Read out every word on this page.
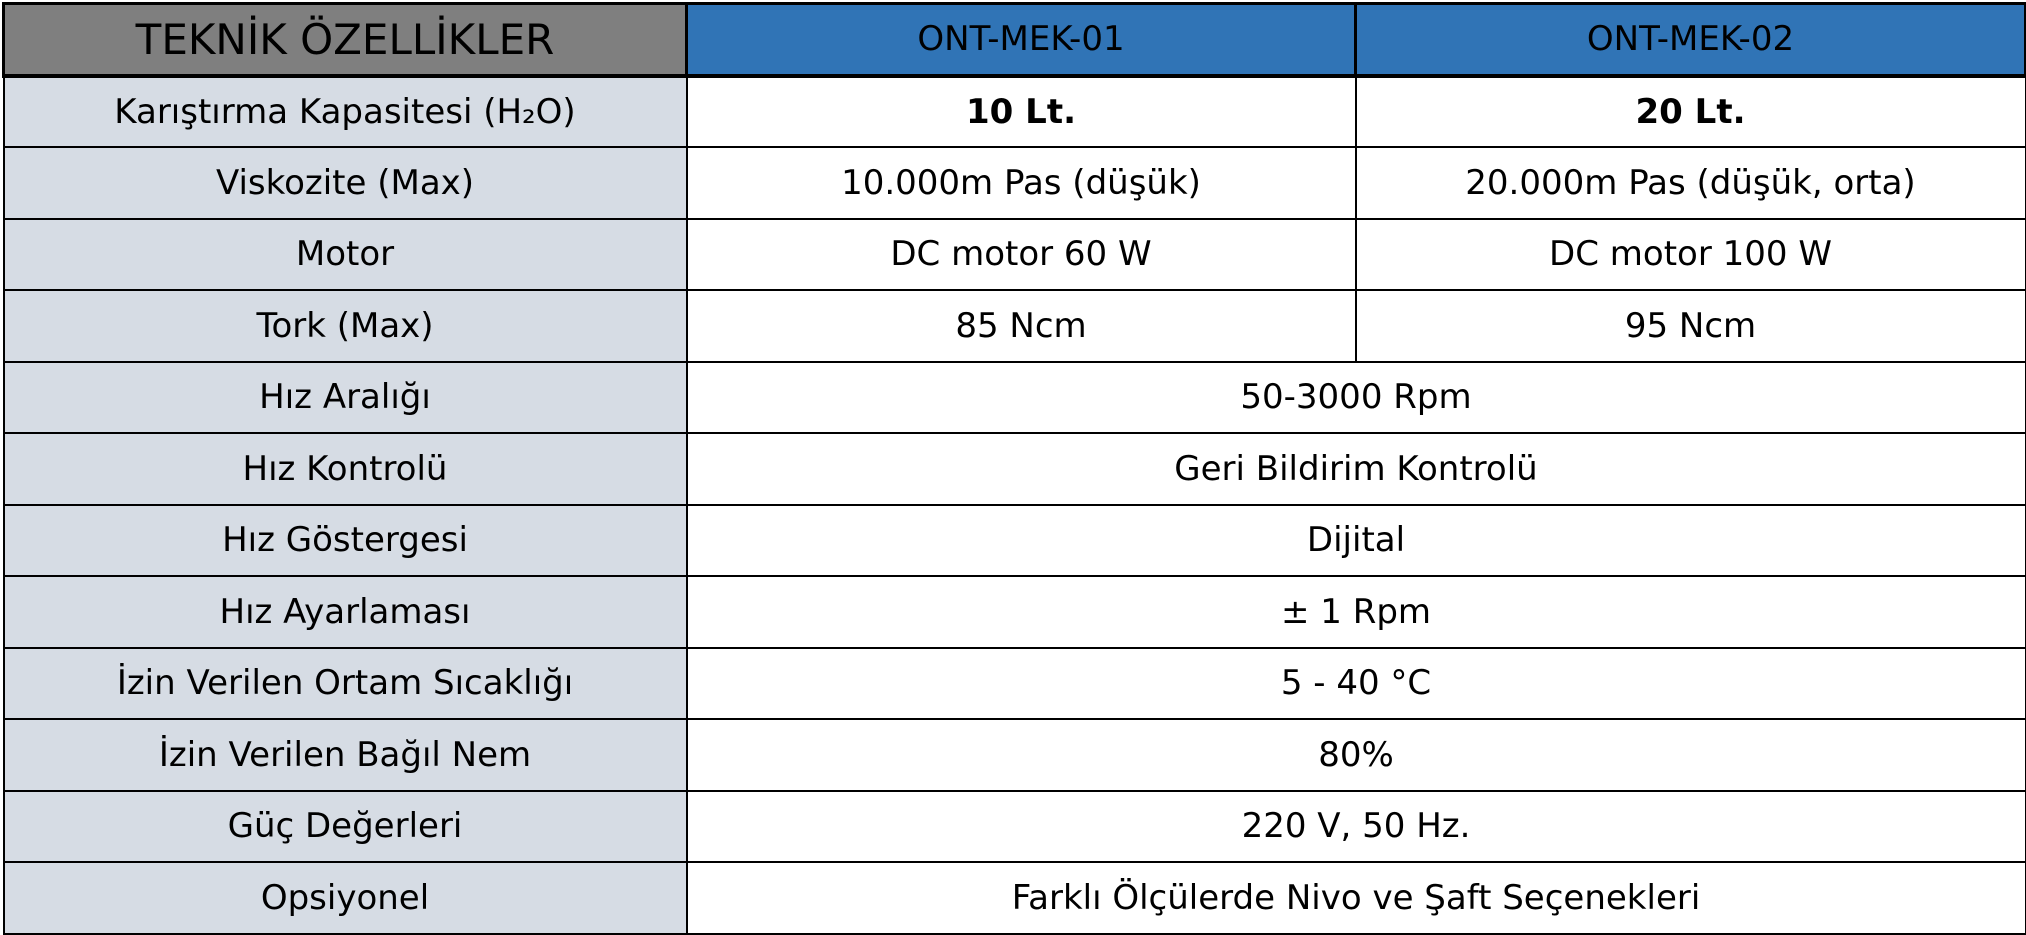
TEKNİK ÖZELLİKLER	ONT-MEK-01	ONT-MEK-02
Karıştırma Kapasitesi (H₂O)	10 Lt.	20 Lt.
Viskozite (Max)	10.000m Pas (düşük)	20.000m Pas (düşük, orta)
Motor	DC motor 60 W	DC motor 100 W
Tork (Max)	85 Ncm	95 Ncm
Hız Aralığı	50-3000 Rpm	
Hız Kontrolü	Geri Bildirim Kontrolü	
Hız Göstergesi	Dijital	
Hız Ayarlaması	± 1 Rpm	
İzin Verilen Ortam Sıcaklığı	5 - 40 °C	
İzin Verilen Bağıl Nem	80%	
Güç Değerleri	220 V, 50 Hz.	
Opsiyonel	Farklı Ölçülerde Nivo ve Şaft Seçenekleri	
